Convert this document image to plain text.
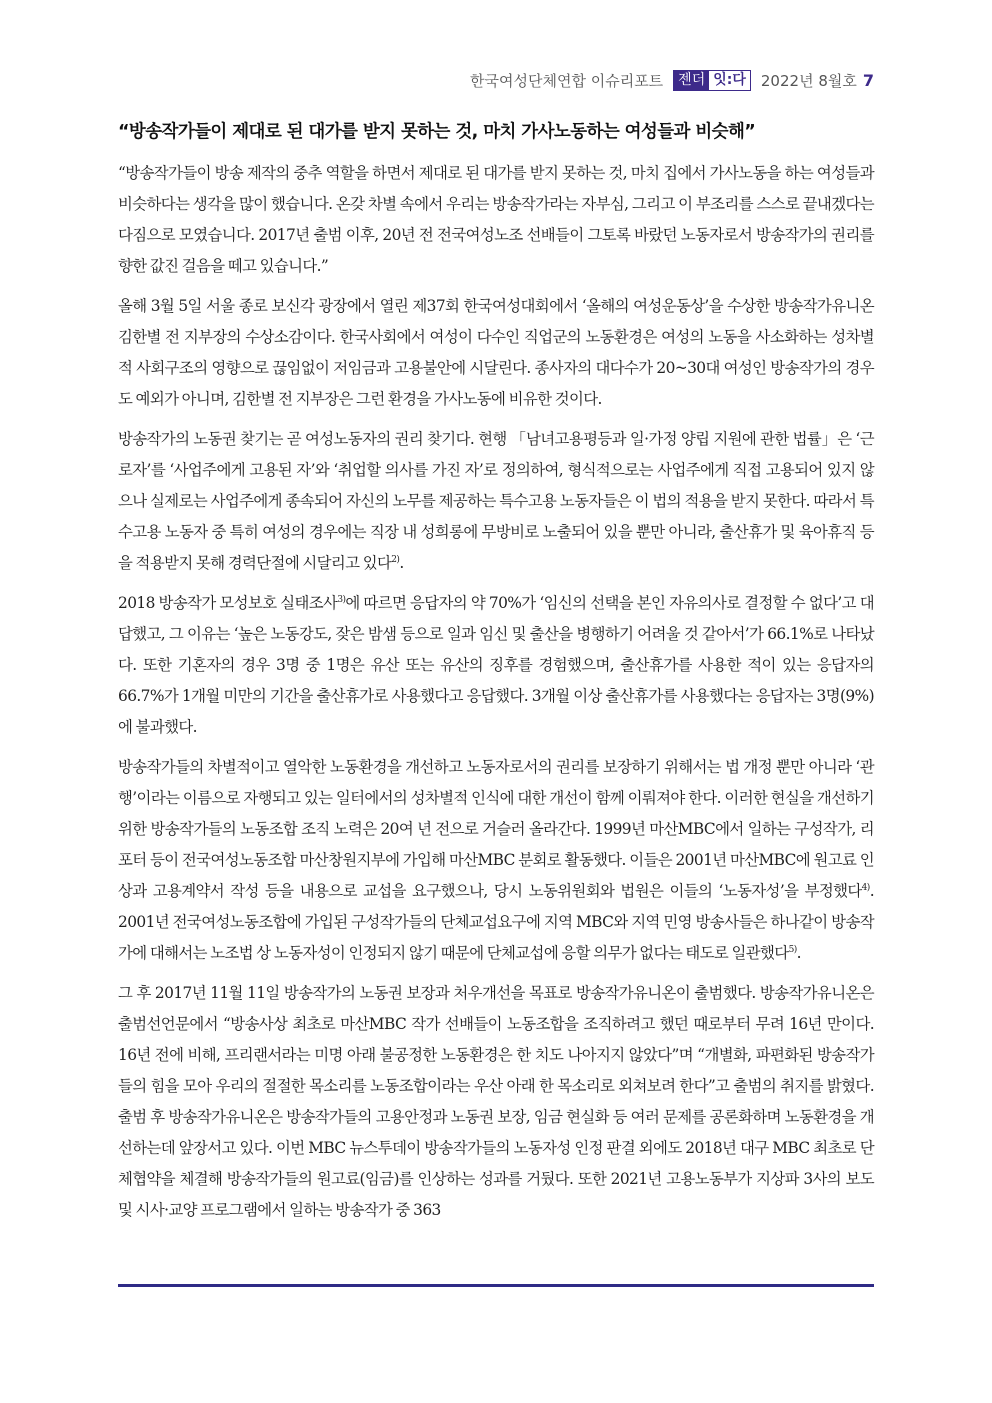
한국여성단체연합 이슈리포트 젠더 잇:다 2022년 8월호 7
“방송작가들이 제대로 된 대가를 받지 못하는 것, 마치 가사노동하는 여성들과 비슷해”

“방송작가들이 방송 제작의 중추 역할을 하면서 제대로 된 대가를 받지 못하는 것, 마치 집에서 가사노동을 하는 여성들과 비슷하다는 생각을 많이 했습니다. 온갖 차별 속에서 우리는 방송작가라는 자부심, 그리고 이 부조리를 스스로 끝내겠다는 다짐으로 모였습니다. 2017년 출범 이후, 20년 전 전국여성노조 선배들이 그토록 바랐던 노동자로서 방송작가의 권리를 향한 값진 걸음을 떼고 있습니다.”

올해 3월 5일 서울 종로 보신각 광장에서 열린 제37회 한국여성대회에서 ‘올해의 여성운동상’을 수상한 방송작가유니온 김한별 전 지부장의 수상소감이다. 한국사회에서 여성이 다수인 직업군의 노동환경은 여성의 노동을 사소화하는 성차별적 사회구조의 영향으로 끊임없이 저임금과 고용불안에 시달린다. 종사자의 대다수가 20~30대 여성인 방송작가의 경우도 예외가 아니며, 김한별 전 지부장은 그런 환경을 가사노동에 비유한 것이다.

방송작가의 노동권 찾기는 곧 여성노동자의 권리 찾기다. 현행 「남녀고용평등과 일·가정 양립 지원에 관한 법률」은 ‘근로자’를 ‘사업주에게 고용된 자’와 ‘취업할 의사를 가진 자’로 정의하여, 형식적으로는 사업주에게 직접 고용되어 있지 않으나 실제로는 사업주에게 종속되어 자신의 노무를 제공하는 특수고용 노동자들은 이 법의 적용을 받지 못한다. 따라서 특수고용 노동자 중 특히 여성의 경우에는 직장 내 성희롱에 무방비로 노출되어 있을 뿐만 아니라, 출산휴가 및 육아휴직 등을 적용받지 못해 경력단절에 시달리고 있다$^{2)}$.

2018 방송작가 모성보호 실태조사$^{3)}$에 따르면 응답자의 약 70%가 ‘임신의 선택을 본인 자유의사로 결정할 수 없다’고 대답했고, 그 이유는 ‘높은 노동강도, 잦은 밤샘 등으로 일과 임신 및 출산을 병행하기 어려울 것 같아서’가 66.1%로 나타났다. 또한 기혼자의 경우 3명 중 1명은 유산 또는 유산의 징후를 경험했으며, 출산휴가를 사용한 적이 있는 응답자의 66.7%가 1개월 미만의 기간을 출산휴가로 사용했다고 응답했다. 3개월 이상 출산휴가를 사용했다는 응답자는 3명(9%)에 불과했다.

방송작가들의 차별적이고 열악한 노동환경을 개선하고 노동자로서의 권리를 보장하기 위해서는 법 개정 뿐만 아니라 ‘관행’이라는 이름으로 자행되고 있는 일터에서의 성차별적 인식에 대한 개선이 함께 이뤄져야 한다. 이러한 현실을 개선하기 위한 방송작가들의 노동조합 조직 노력은 20여 년 전으로 거슬러 올라간다. 1999년 마산MBC에서 일하는 구성작가, 리포터 등이 전국여성노동조합 마산창원지부에 가입해 마산MBC 분회로 활동했다. 이들은 2001년 마산MBC에 원고료 인상과 고용계약서 작성 등을 내용으로 교섭을 요구했으나, 당시 노동위원회와 법원은 이들의 ‘노동자성’을 부정했다$^{4)}$. 2001년 전국여성노동조합에 가입된 구성작가들의 단체교섭요구에 지역 MBC와 지역 민영 방송사들은 하나같이 방송작가에 대해서는 노조법 상 노동자성이 인정되지 않기 때문에 단체교섭에 응할 의무가 없다는 태도로 일관했다$^{5)}$.

그 후 2017년 11월 11일 방송작가의 노동권 보장과 처우개선을 목표로 방송작가유니온이 출범했다. 방송작가유니온은 출범선언문에서 “방송사상 최초로 마산MBC 작가 선배들이 노동조합을 조직하려고 했던 때로부터 무려 16년 만이다. 16년 전에 비해, 프리랜서라는 미명 아래 불공정한 노동환경은 한 치도 나아지지 않았다”며 “개별화, 파편화된 방송작가들의 힘을 모아 우리의 절절한 목소리를 노동조합이라는 우산 아래 한 목소리로 외쳐보려 한다”고 출범의 취지를 밝혔다. 출범 후 방송작가유니온은 방송작가들의 고용안정과 노동권 보장, 임금 현실화 등 여러 문제를 공론화하며 노동환경을 개선하는데 앞장서고 있다. 이번 MBC 뉴스투데이 방송작가들의 노동자성 인정 판결 외에도 2018년 대구 MBC 최초로 단체협약을 체결해 방송작가들의 원고료(임금)를 인상하는 성과를 거뒀다. 또한 2021년 고용노동부가 지상파 3사의 보도 및 시사·교양 프로그램에서 일하는 방송작가 중 363
